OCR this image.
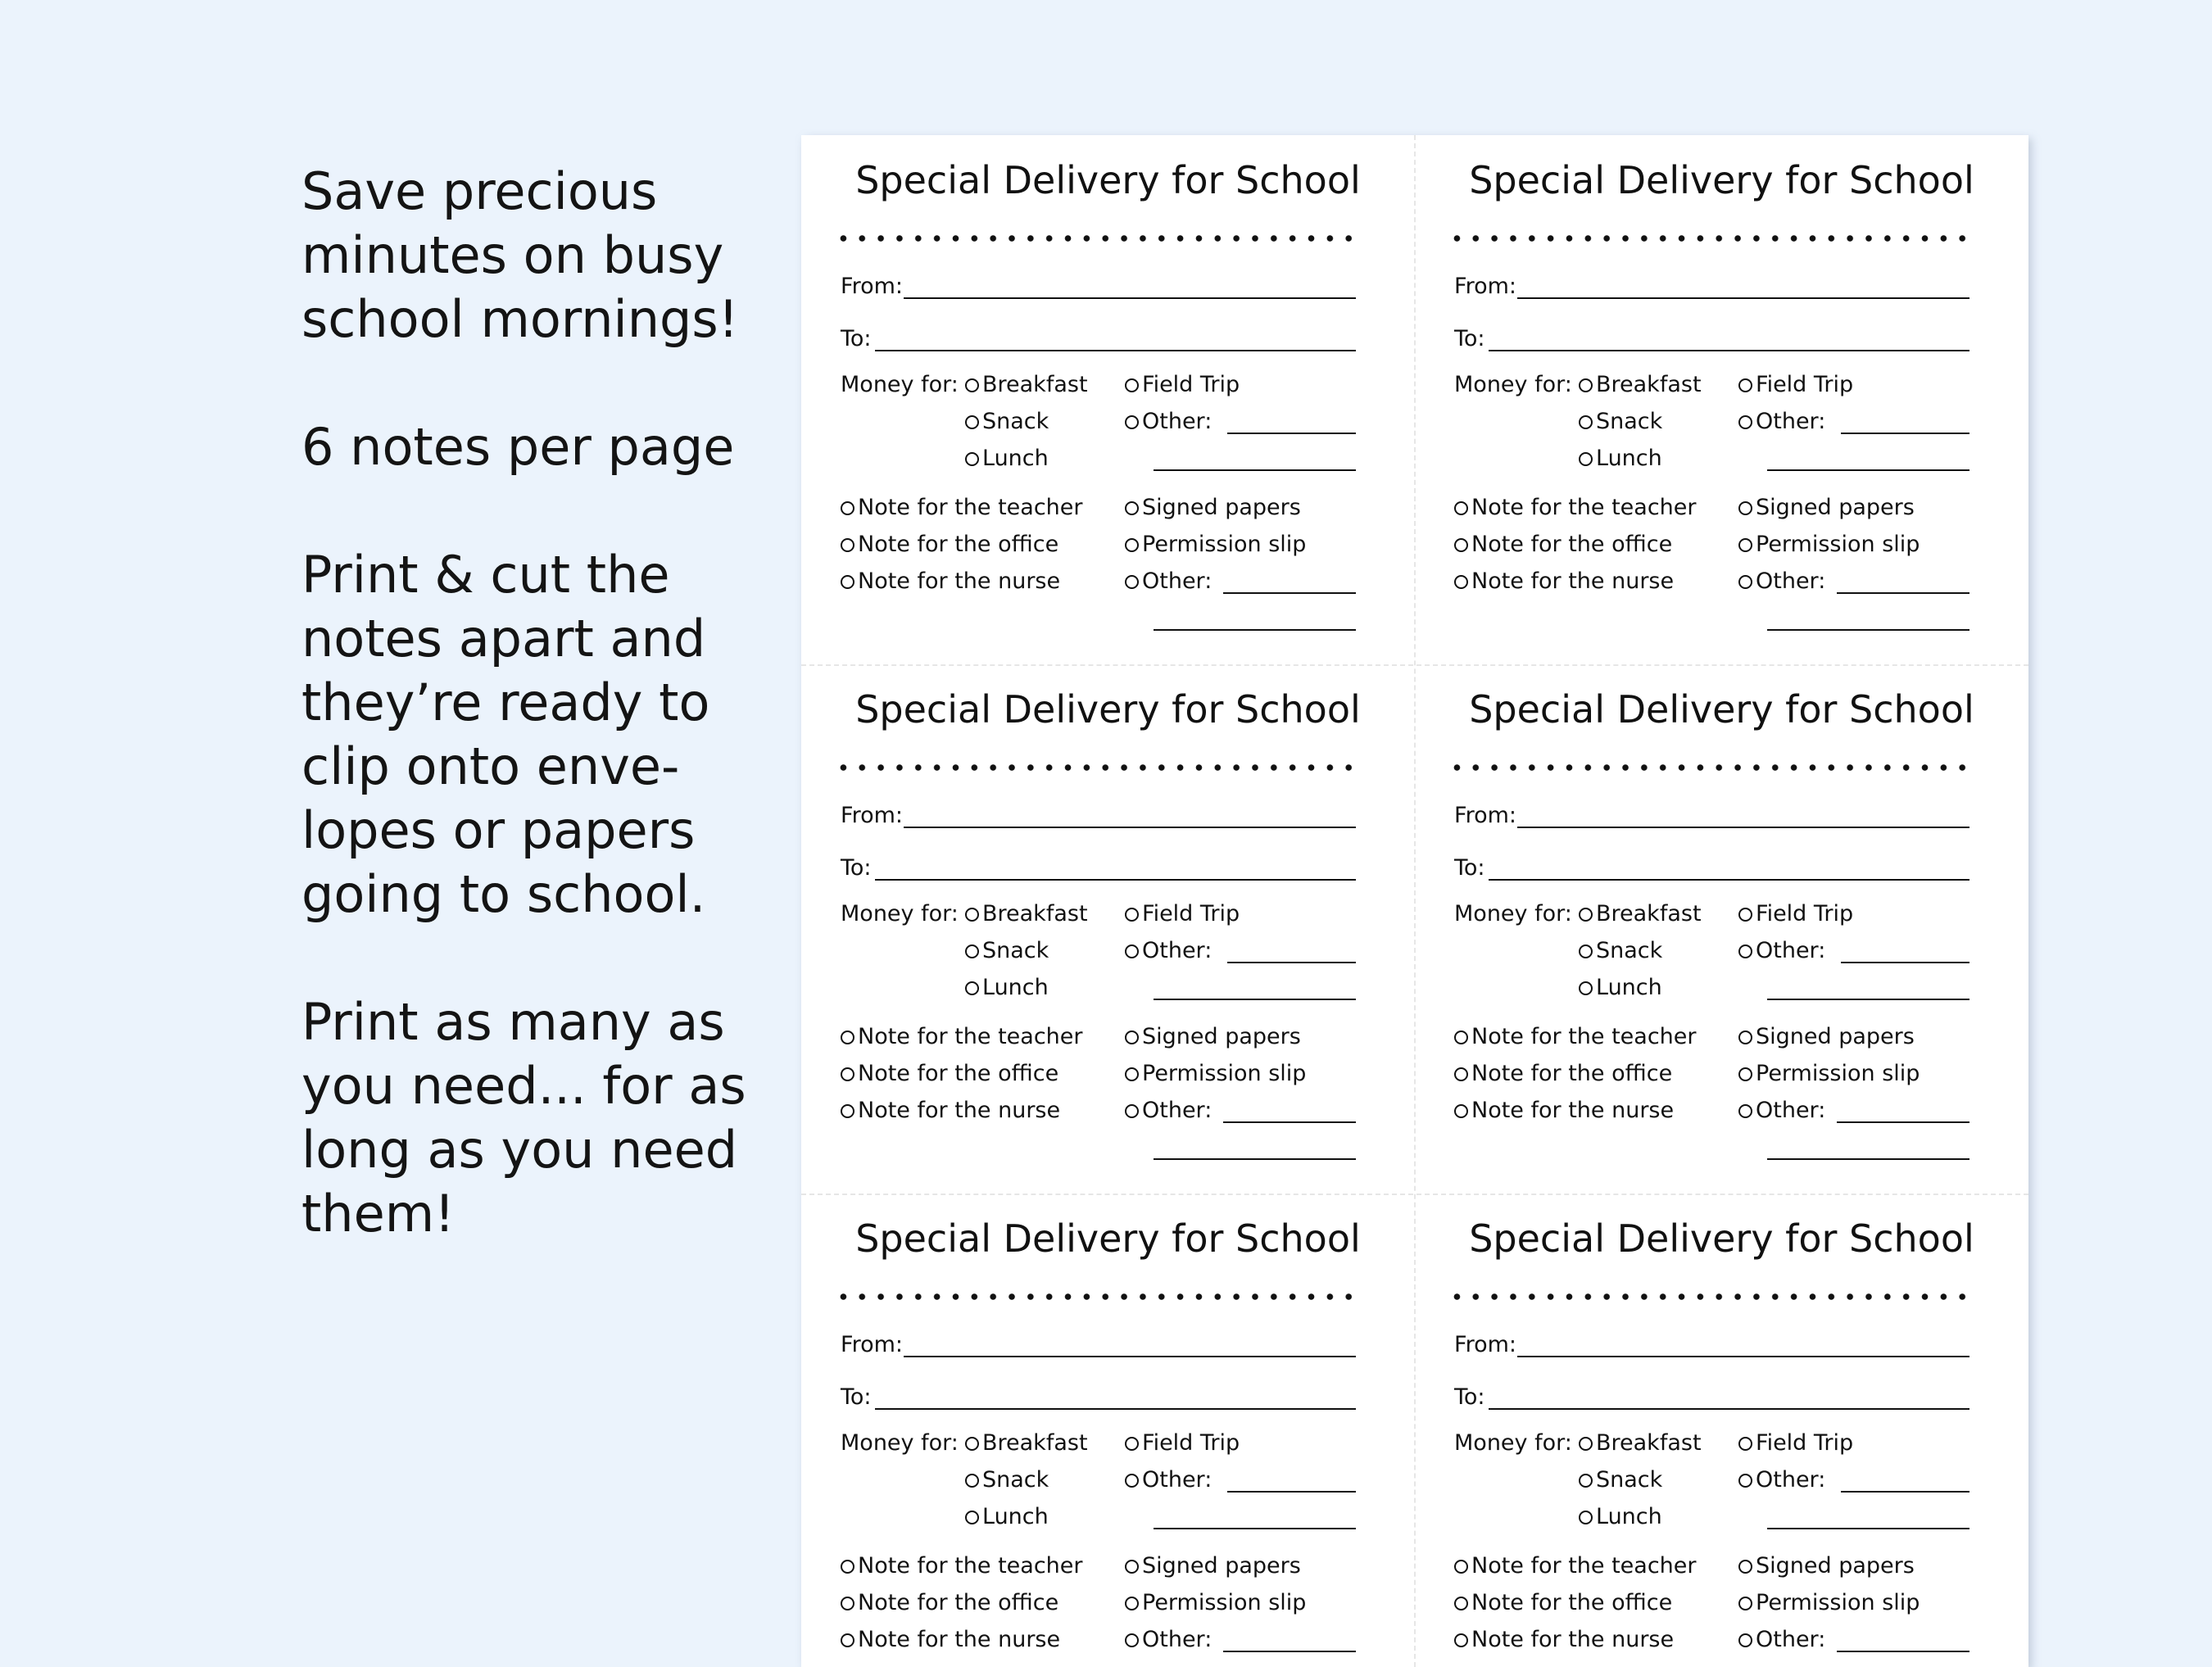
Save precious
minutes on busy
school mornings!
6 notes per page
Print & cut the
notes apart and
they’re ready to
clip onto enve-
lopes or papers
going to school.
Print as many as
you need... for as
long as you need
them!
Special Delivery for School
From:
To:
Money for: Breakfast
Snack
Lunch
Field Trip
Other:
Note for the teacher
Note for the office
Note for the nurse
Signed papers
Permission slip
Other:
Special Delivery for School
From:
To:
Money for: Breakfast
Snack
Lunch
Field Trip
Other:
Note for the teacher
Note for the office
Note for the nurse
Signed papers
Permission slip
Other:
Special Delivery for School
From:
To:
Money for: Breakfast
Snack
Lunch
Field Trip
Other:
Note for the teacher
Note for the office
Note for the nurse
Signed papers
Permission slip
Other:
Special Delivery for School
From:
To:
Money for: Breakfast
Snack
Lunch
Field Trip
Other:
Note for the teacher
Note for the office
Note for the nurse
Signed papers
Permission slip
Other:
Special Delivery for School
From:
To:
Money for: Breakfast
Snack
Lunch
Field Trip
Other:
Note for the teacher
Note for the office
Note for the nurse
Signed papers
Permission slip
Other:
Special Delivery for School
From:
To:
Money for: Breakfast
Snack
Lunch
Field Trip
Other:
Note for the teacher
Note for the office
Note for the nurse
Signed papers
Permission slip
Other:
